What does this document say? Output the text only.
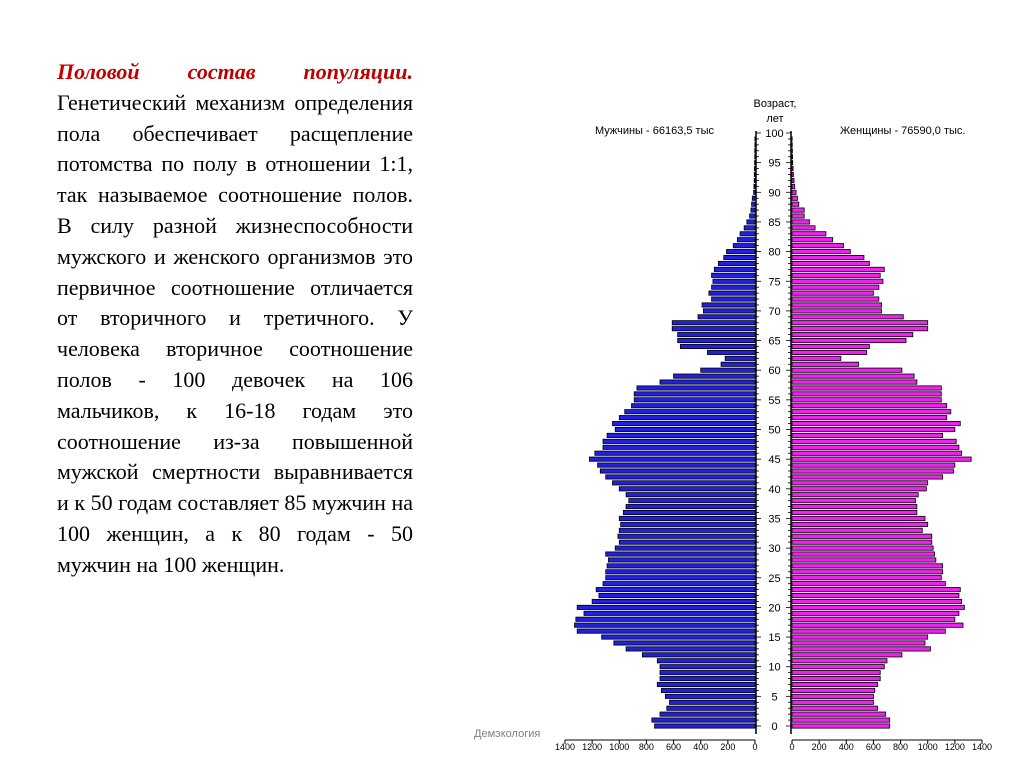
Половой состав популяции. Генетический механизм определения пола обеспечивает расщепление потомства по полу в отношении 1:1, так называемое соотношение полов. В силу разной жизнеспособности мужского и женского организмов это первичное соотношение отличается от вторичного и третичного. У человека вторичное соотношение полов - 100 девочек на 106 мальчиков, к 16-18 годам это соотношение из-за повышенной мужской смертности выравнивается и к 50 годам составляет 85 мужчин на 100 женщин, а к 80 годам - 50 мужчин на 100 женщин.
0
5
10
15
20
25
30
35
40
45
50
55
60
65
70
75
80
85
90
95
100
1400 1200 1000 800 600 400 200 0	0 200 400 600 800 1000 1200 1400
Мужчины - 66163,5 тыс	Женщины - 76590,0 тыс.
Возраст,
лет
Демэкология
